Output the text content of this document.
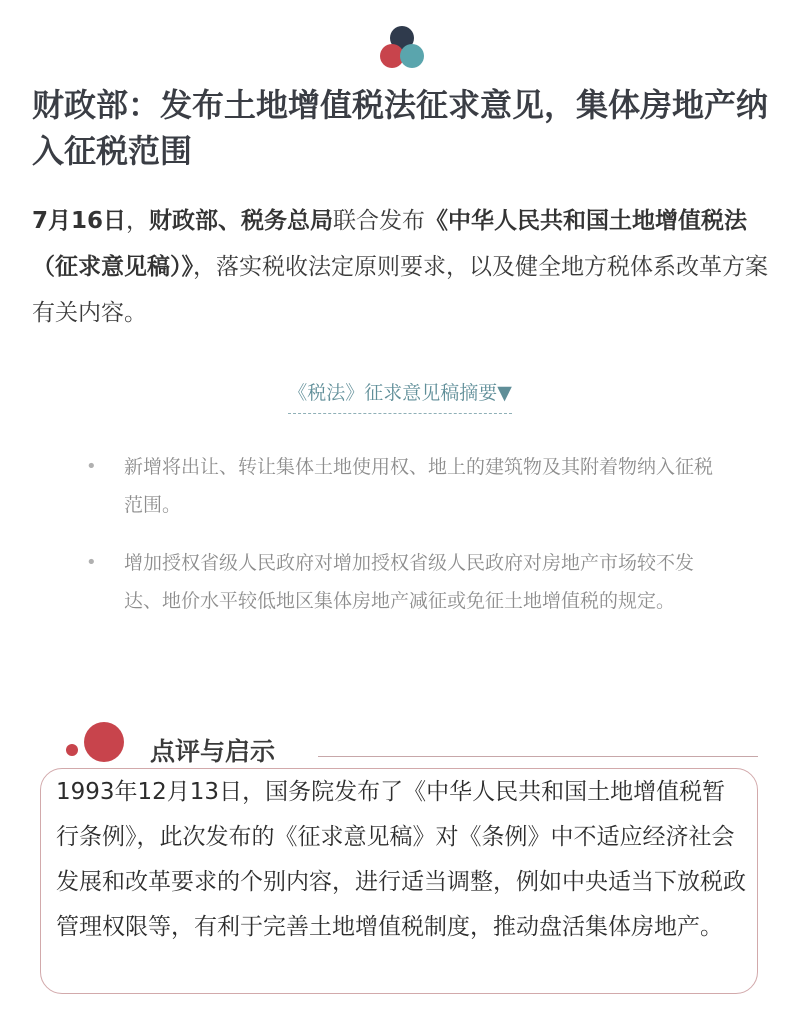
财政部：发布土地增值税法征求意见，集体房地产纳入征税范围

7月16日，财政部、税务总局联合发布《中华人民共和国土地增值税法（征求意见稿）》，落实税收法定原则要求，以及健全地方税体系改革方案有关内容。

《税法》征求意见稿摘要▼
• 新增将出让、转让集体土地使用权、地上的建筑物及其附着物纳入征税范围。
• 增加授权省级人民政府对增加授权省级人民政府对房地产市场较不发达、地价水平较低地区集体房地产减征或免征土地增值税的规定。
点评与启示

1993年12月13日，国务院发布了《中华人民共和国土地增值税暂行条例》，此次发布的《征求意见稿》对《条例》中不适应经济社会发展和改革要求的个别内容，进行适当调整，例如中央适当下放税政管理权限等，有利于完善土地增值税制度，推动盘活集体房地产。
